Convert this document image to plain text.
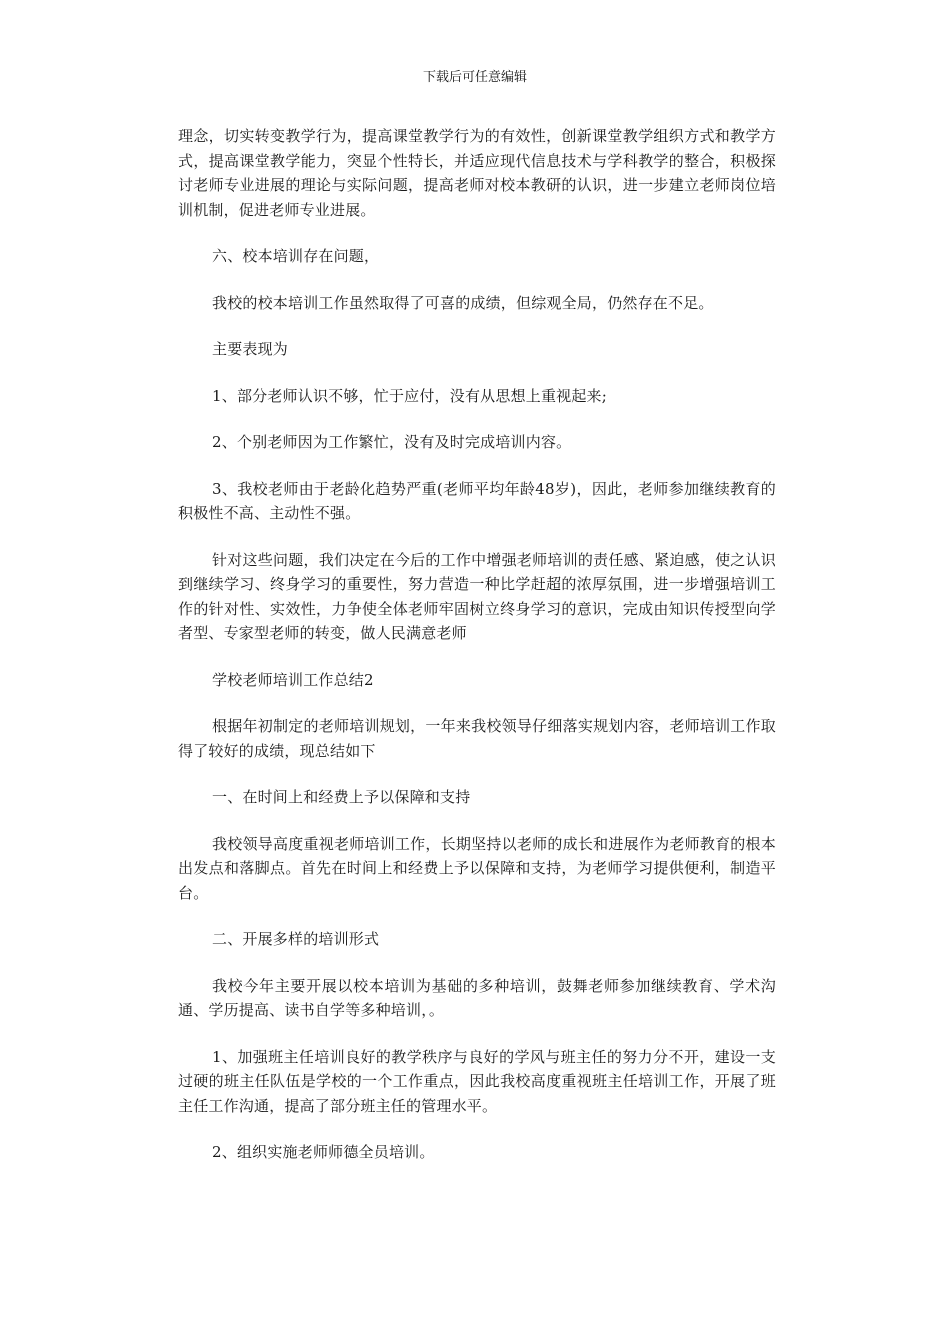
下载后可任意编辑

理念，切实转变教学行为，提高课堂教学行为的有效性，创新课堂教学组织方式和教学方式，提高课堂教学能力，突显个性特长，并适应现代信息技术与学科教学的整合，积极探讨老师专业进展的理论与实际问题，提高老师对校本教研的认识，进一步建立老师岗位培训机制，促进老师专业进展。

六、校本培训存在问题，

我校的校本培训工作虽然取得了可喜的成绩，但综观全局，仍然存在不足。

主要表现为

1、部分老师认识不够，忙于应付，没有从思想上重视起来;

2、个别老师因为工作繁忙，没有及时完成培训内容。

3、我校老师由于老龄化趋势严重(老师平均年龄48岁)，因此，老师参加继续教育的积极性不高、主动性不强。

针对这些问题，我们决定在今后的工作中增强老师培训的责任感、紧迫感，使之认识到继续学习、终身学习的重要性，努力营造一种比学赶超的浓厚氛围，进一步增强培训工作的针对性、实效性，力争使全体老师牢固树立终身学习的意识，完成由知识传授型向学者型、专家型老师的转变，做人民满意老师

学校老师培训工作总结2

根据年初制定的老师培训规划，一年来我校领导仔细落实规划内容，老师培训工作取得了较好的成绩，现总结如下

一、在时间上和经费上予以保障和支持

我校领导高度重视老师培训工作，长期坚持以老师的成长和进展作为老师教育的根本出发点和落脚点。首先在时间上和经费上予以保障和支持，为老师学习提供便利，制造平台。

二、开展多样的培训形式

我校今年主要开展以校本培训为基础的多种培训，鼓舞老师参加继续教育、学术沟通、学历提高、读书自学等多种培训，。

1、加强班主任培训良好的教学秩序与良好的学风与班主任的努力分不开，建设一支过硬的班主任队伍是学校的一个工作重点，因此我校高度重视班主任培训工作，开展了班主任工作沟通，提高了部分班主任的管理水平。

2、组织实施老师师德全员培训。
